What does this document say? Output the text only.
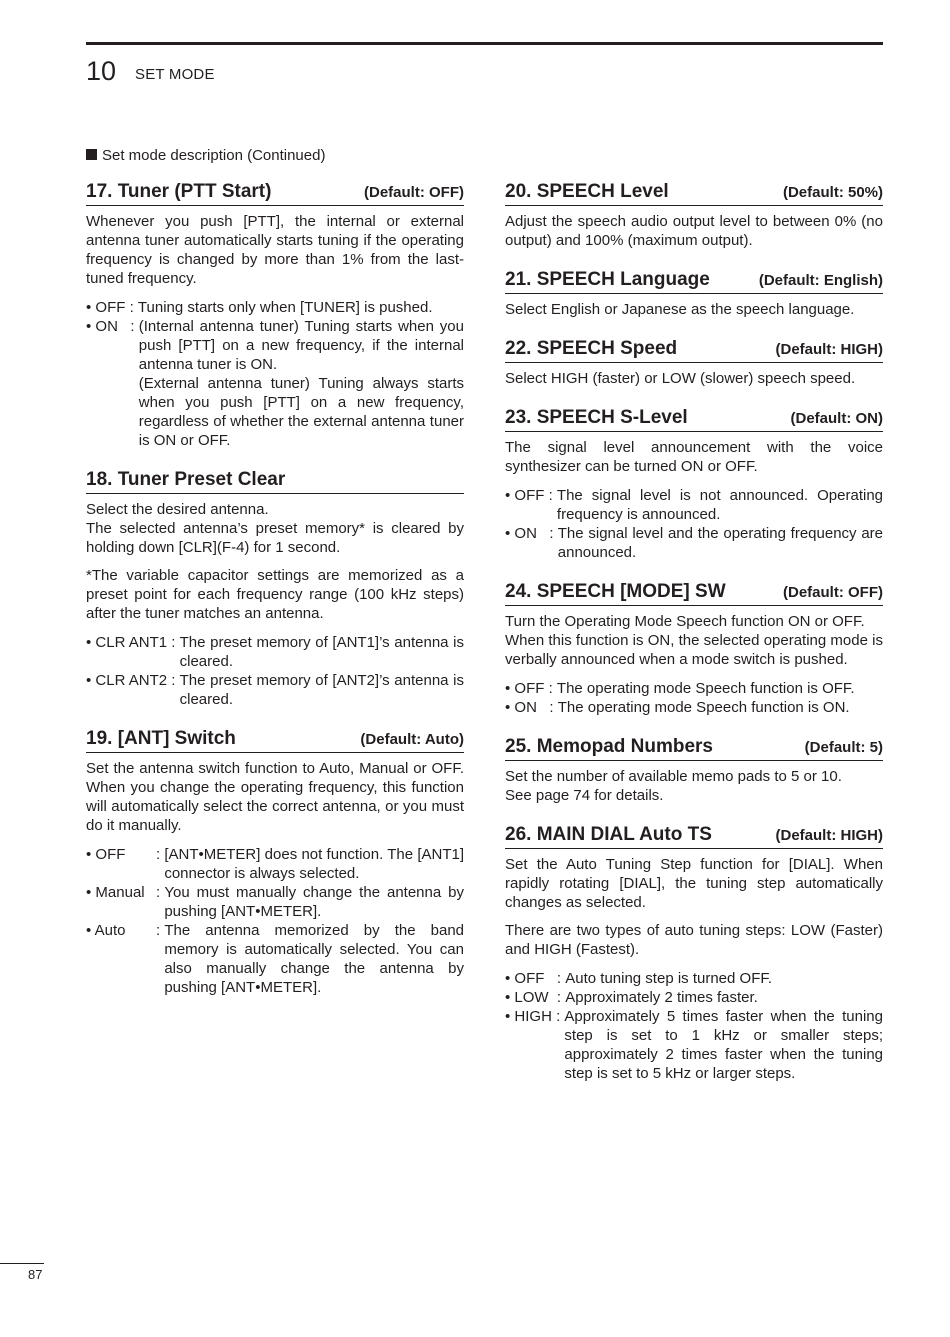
10 SET MODE
Set mode description (Continued)
17. Tuner (PTT Start)	(Default: OFF)

Whenever you push [PTT], the internal or external antenna tuner automatically starts tuning if the operating frequency is changed by more than 1% from the last-tuned frequency.

• OFF : Tuning starts only when [TUNER] is pushed.
• ON   : (Internal antenna tuner) Tuning starts when you push [PTT] on a new frequency, if the internal antenna tuner is ON.
(External antenna tuner) Tuning always starts when you push [PTT] on a new frequency, regardless of whether the external antenna tuner is ON or OFF.
18. Tuner Preset Clear

Select the desired antenna.

The selected antenna’s preset memory* is cleared by holding down [CLR](F-4) for 1 second.

*The variable capacitor settings are memorized as a preset point for each frequency range (100 kHz steps) after the tuner matches an antenna.

• CLR ANT1 : The preset memory of [ANT1]’s antenna is cleared.
• CLR ANT2 : The preset memory of [ANT2]’s antenna is cleared.
19. [ANT] Switch	(Default: Auto)

Set the antenna switch function to Auto, Manual or OFF. When you change the operating frequency, this function will automatically select the correct antenna, or you must do it manually.

• OFF	: [ANT•METER] does not function. The [ANT1] connector is always selected.
• Manual : You must manually change the antenna by pushing [ANT•METER].
• Auto	: The antenna memorized by the band memory is automatically selected. You can also manually change the antenna by pushing [ANT•METER].
20. SPEECH Level	(Default: 50%)

Adjust the speech audio output level to between 0% (no output) and 100% (maximum output).

21. SPEECH Language	(Default: English)

Select English or Japanese as the speech language.

22. SPEECH Speed	(Default: HIGH)

Select HIGH (faster) or LOW (slower) speech speed.

23. SPEECH S-Level	(Default: ON)

The signal level announcement with the voice synthesizer can be turned ON or OFF.

• OFF : The signal level is not announced. Operating frequency is announced.
• ON   : The signal level and the operating frequency are announced.
24. SPEECH [MODE] SW	(Default: OFF)

Turn the Operating Mode Speech function ON or OFF.

When this function is ON, the selected operating mode is verbally announced when a mode switch is pushed.

• OFF : The operating mode Speech function is OFF.
• ON   : The operating mode Speech function is ON.
25. Memopad Numbers	(Default: 5)

Set the number of available memo pads to 5 or 10.

See page 74 for details.

26. MAIN DIAL Auto TS	(Default: HIGH)

Set the Auto Tuning Step function for [DIAL]. When rapidly rotating [DIAL], the tuning step automatically changes as selected.

There are two types of auto tuning steps: LOW (Faster) and HIGH (Fastest).

• OFF   : Auto tuning step is turned OFF.
• LOW  : Approximately 2 times faster.
• HIGH : Approximately 5 times faster when the tuning step is set to 1 kHz or smaller steps; approximately 2 times faster when the tuning step is set to 5 kHz or larger steps.
87
